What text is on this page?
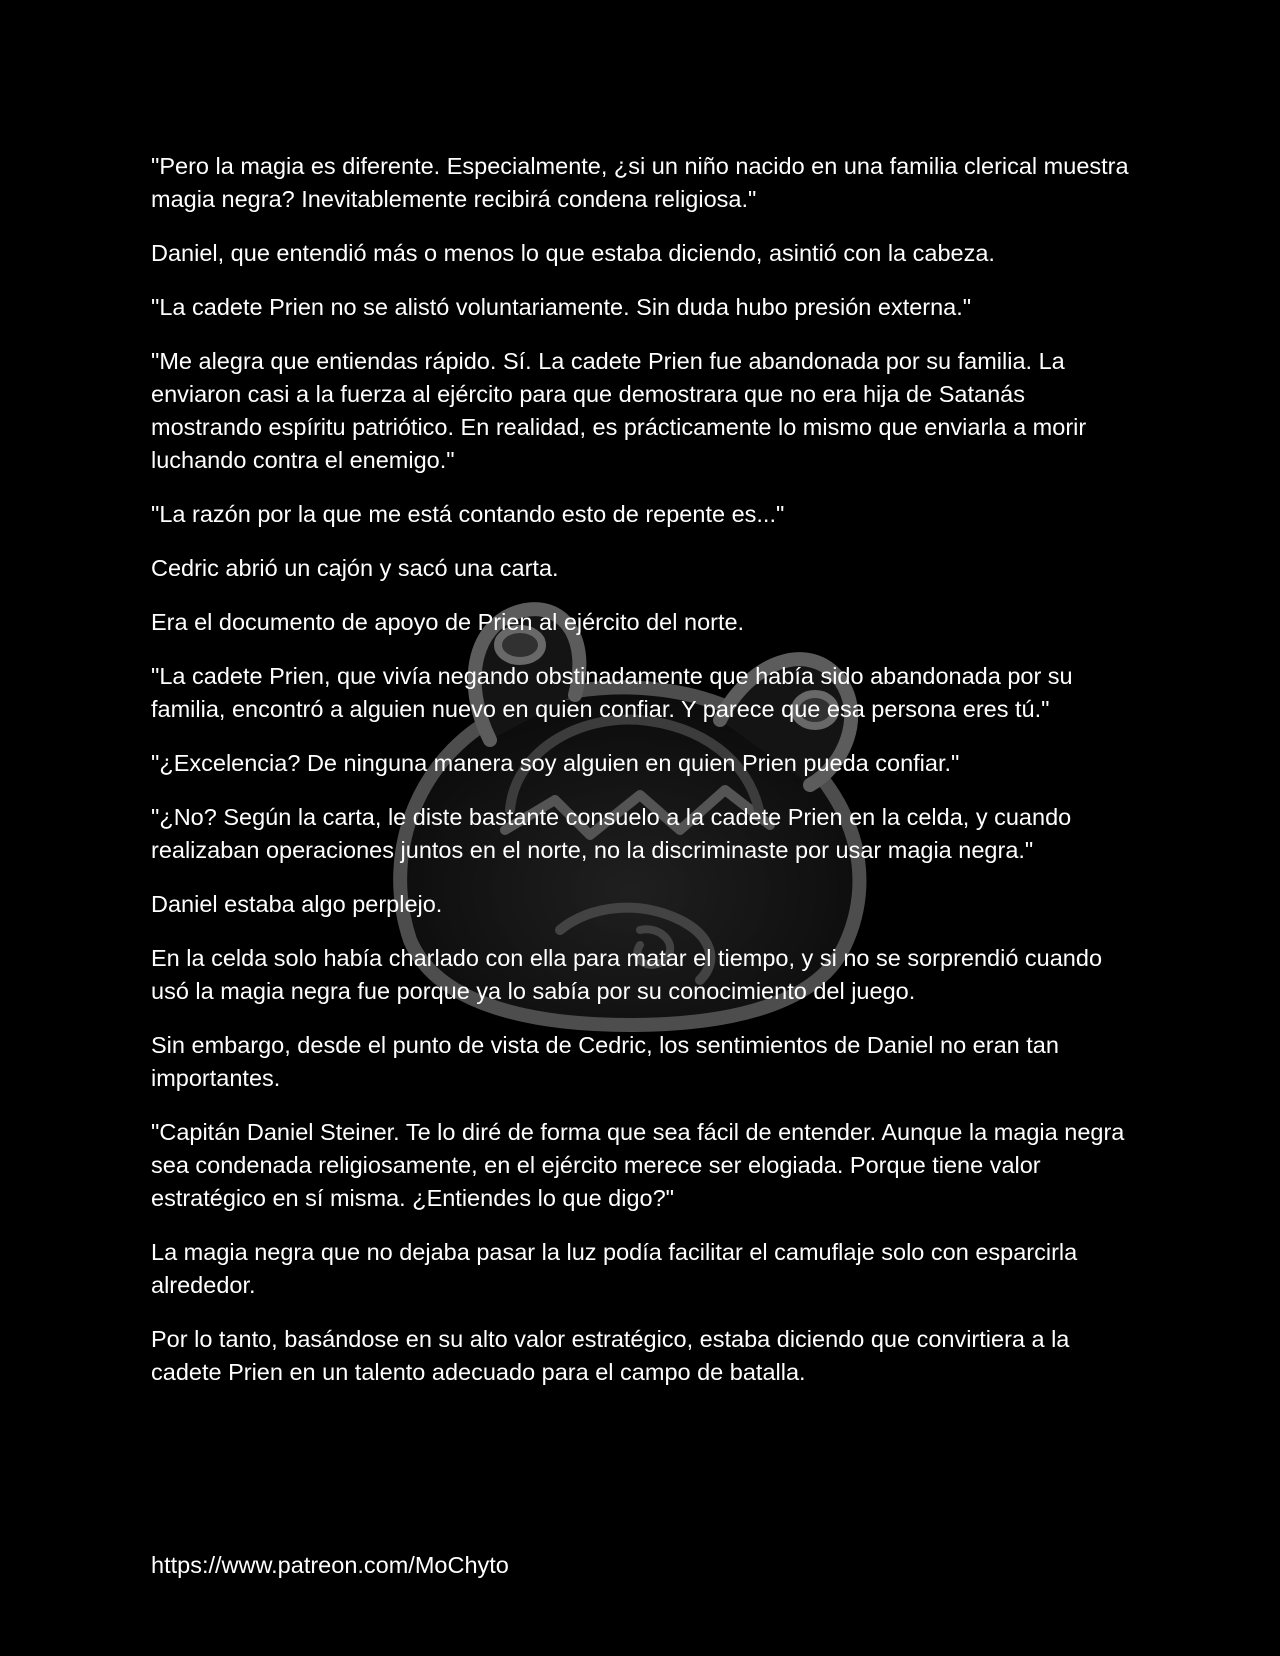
"Pero la magia es diferente. Especialmente, ¿si un niño nacido en una familia clerical muestra magia negra? Inevitablemente recibirá condena religiosa."

Daniel, que entendió más o menos lo que estaba diciendo, asintió con la cabeza.

"La cadete Prien no se alistó voluntariamente. Sin duda hubo presión externa."

"Me alegra que entiendas rápido. Sí. La cadete Prien fue abandonada por su familia. La enviaron casi a la fuerza al ejército para que demostrara que no era hija de Satanás mostrando espíritu patriótico. En realidad, es prácticamente lo mismo que enviarla a morir luchando contra el enemigo."

"La razón por la que me está contando esto de repente es..."

Cedric abrió un cajón y sacó una carta.

Era el documento de apoyo de Prien al ejército del norte.

"La cadete Prien, que vivía negando obstinadamente que había sido abandonada por su familia, encontró a alguien nuevo en quien confiar. Y parece que esa persona eres tú."

"¿Excelencia? De ninguna manera soy alguien en quien Prien pueda confiar."

"¿No? Según la carta, le diste bastante consuelo a la cadete Prien en la celda, y cuando realizaban operaciones juntos en el norte, no la discriminaste por usar magia negra."

Daniel estaba algo perplejo.

En la celda solo había charlado con ella para matar el tiempo, y si no se sorprendió cuando usó la magia negra fue porque ya lo sabía por su conocimiento del juego.

Sin embargo, desde el punto de vista de Cedric, los sentimientos de Daniel no eran tan importantes.

"Capitán Daniel Steiner. Te lo diré de forma que sea fácil de entender. Aunque la magia negra sea condenada religiosamente, en el ejército merece ser elogiada. Porque tiene valor estratégico en sí misma. ¿Entiendes lo que digo?"

La magia negra que no dejaba pasar la luz podía facilitar el camuflaje solo con esparcirla alrededor.

Por lo tanto, basándose en su alto valor estratégico, estaba diciendo que convirtiera a la cadete Prien en un talento adecuado para el campo de batalla.

https://www.patreon.com/MoChyto
